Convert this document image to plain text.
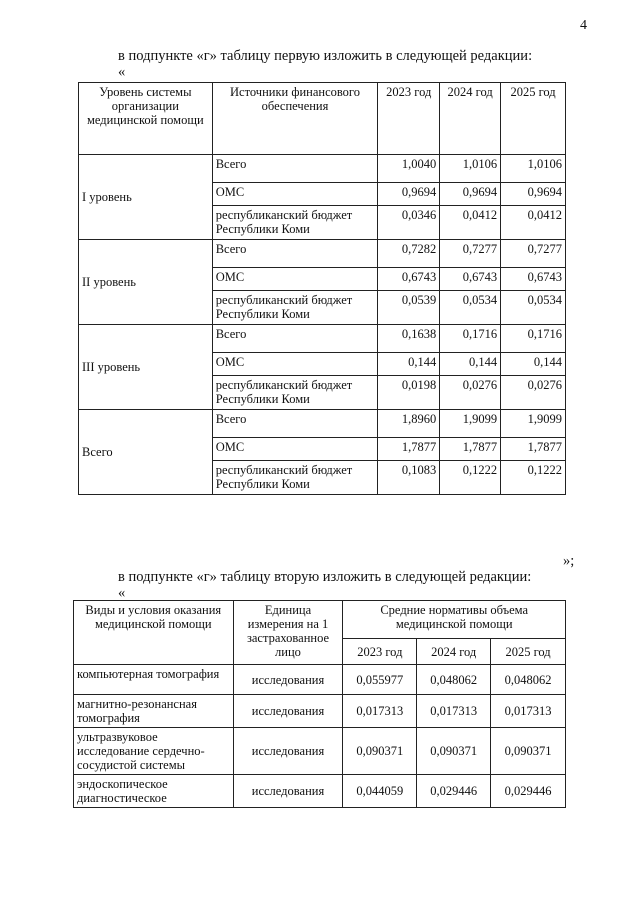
4
в подпункте «г» таблицу первую изложить в следующей редакции:
«
Уровень системы организации медицинской помощи	Источники финансового обеспечения	2023 год	2024 год	2025 год
I уровень	Всего	1,0040	1,0106	1,0106
	ОМС	0,9694	0,9694	0,9694
	республиканский бюджет Республики Коми	0,0346	0,0412	0,0412
II уровень	Всего	0,7282	0,7277	0,7277
	ОМС	0,6743	0,6743	0,6743
	республиканский бюджет Республики Коми	0,0539	0,0534	0,0534
III уровень	Всего	0,1638	0,1716	0,1716
	ОМС	0,144	0,144	0,144
	республиканский бюджет Республики Коми	0,0198	0,0276	0,0276
Всего	Всего	1,8960	1,9099	1,9099
	ОМС	1,7877	1,7877	1,7877
	республиканский бюджет Республики Коми	0,1083	0,1222	0,1222
»;
в подпункте «г» таблицу вторую изложить в следующей редакции:
«
Виды и условия оказания медицинской помощи	Единица измерения на 1 застрахованное лицо	Средние нормативы объема медицинской помощи		
		2023 год	2024 год	2025 год
компьютерная томография	исследования	0,055977	0,048062	0,048062
магнитно-резонансная томография	исследования	0,017313	0,017313	0,017313
ультразвуковое исследование сердечно-сосудистой системы	исследования	0,090371	0,090371	0,090371
эндоскопическое диагностическое	исследования	0,044059	0,029446	0,029446
